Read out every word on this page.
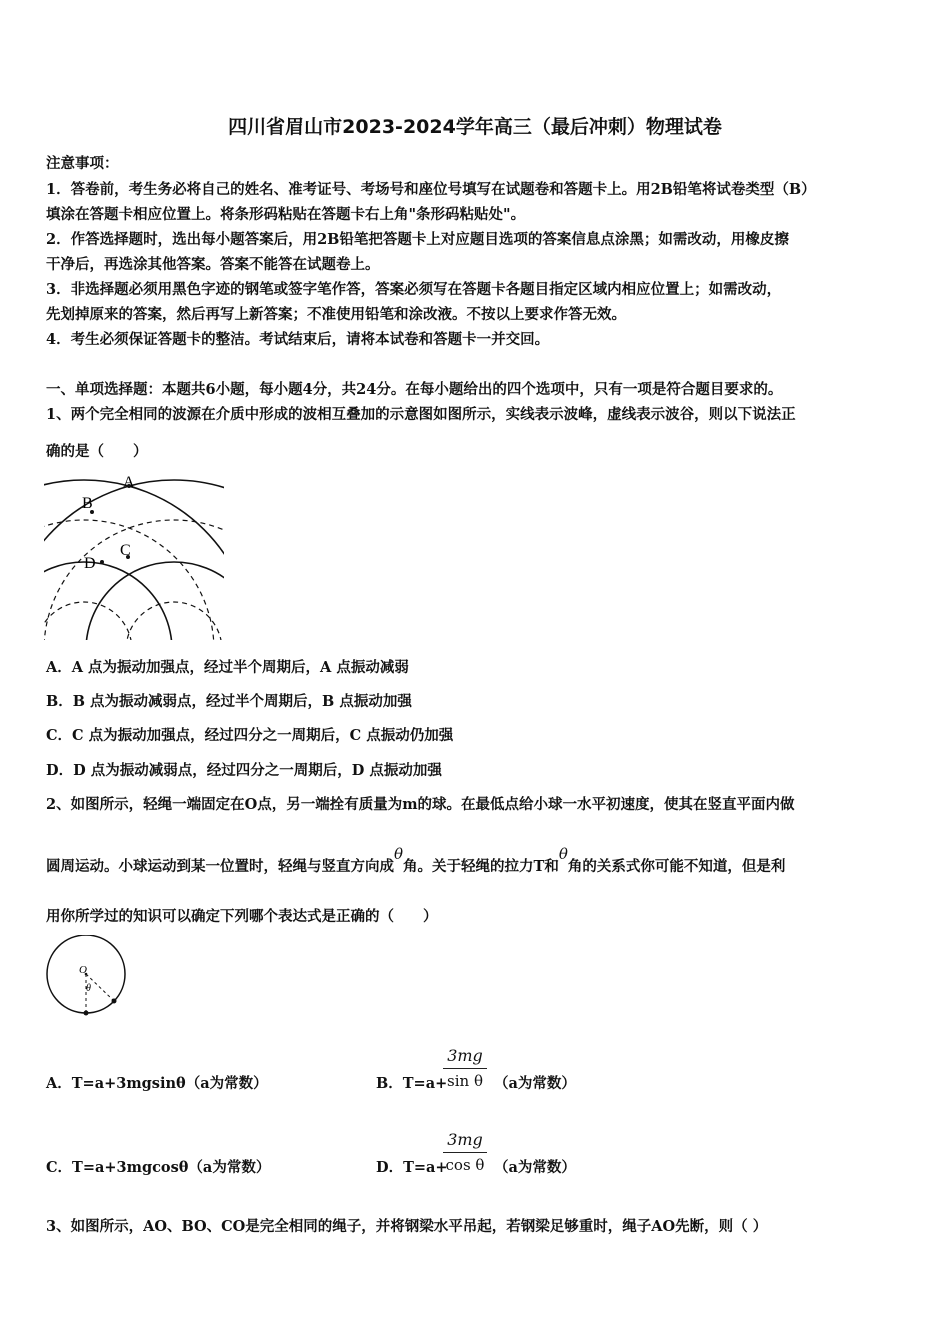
四川省眉山市2023-2024学年高三（最后冲刺）物理试卷
注意事项：
1．答卷前，考生务必将自己的姓名、准考证号、考场号和座位号填写在试题卷和答题卡上。用2B铅笔将试卷类型（B）
填涂在答题卡相应位置上。将条形码粘贴在答题卡右上角"条形码粘贴处"。
2．作答选择题时，选出每小题答案后，用2B铅笔把答题卡上对应题目选项的答案信息点涂黑；如需改动，用橡皮擦
干净后，再选涂其他答案。答案不能答在试题卷上。
3．非选择题必须用黑色字迹的钢笔或签字笔作答，答案必须写在答题卡各题目指定区域内相应位置上；如需改动，
先划掉原来的答案，然后再写上新答案；不准使用铅笔和涂改液。不按以上要求作答无效。
4．考生必须保证答题卡的整洁。考试结束后，请将本试卷和答题卡一并交回。
一、单项选择题：本题共6小题，每小题4分，共24分。在每小题给出的四个选项中，只有一项是符合题目要求的。
1、两个完全相同的波源在介质中形成的波相互叠加的示意图如图所示，实线表示波峰，虚线表示波谷，则以下说法正
确的是（　　）
A
B
C
D
A．A 点为振动加强点，经过半个周期后，A 点振动减弱
B．B 点为振动减弱点，经过半个周期后，B 点振动加强
C．C 点为振动加强点，经过四分之一周期后，C 点振动仍加强
D．D 点为振动减弱点，经过四分之一周期后，D 点振动加强
2、如图所示，轻绳一端固定在O点，另一端拴有质量为m的球。在最低点给小球一水平初速度，使其在竖直平面内做
圆周运动。小球运动到某一位置时，轻绳与竖直方向成θ角。关于轻绳的拉力T和θ角的关系式你可能不知道，但是利
用你所学过的知识可以确定下列哪个表达式是正确的（　　）
O
θ
A．T=a+3mgsinθ（a为常数）	B．T=a+
3mg
sin θ （a为常数）
C．T=a+3mgcosθ（a为常数）	D．T=a+
3mg
cos θ （a为常数）
3、如图所示，AO、BO、CO是完全相同的绳子，并将钢梁水平吊起，若钢梁足够重时，绳子AO先断，则（ ）
